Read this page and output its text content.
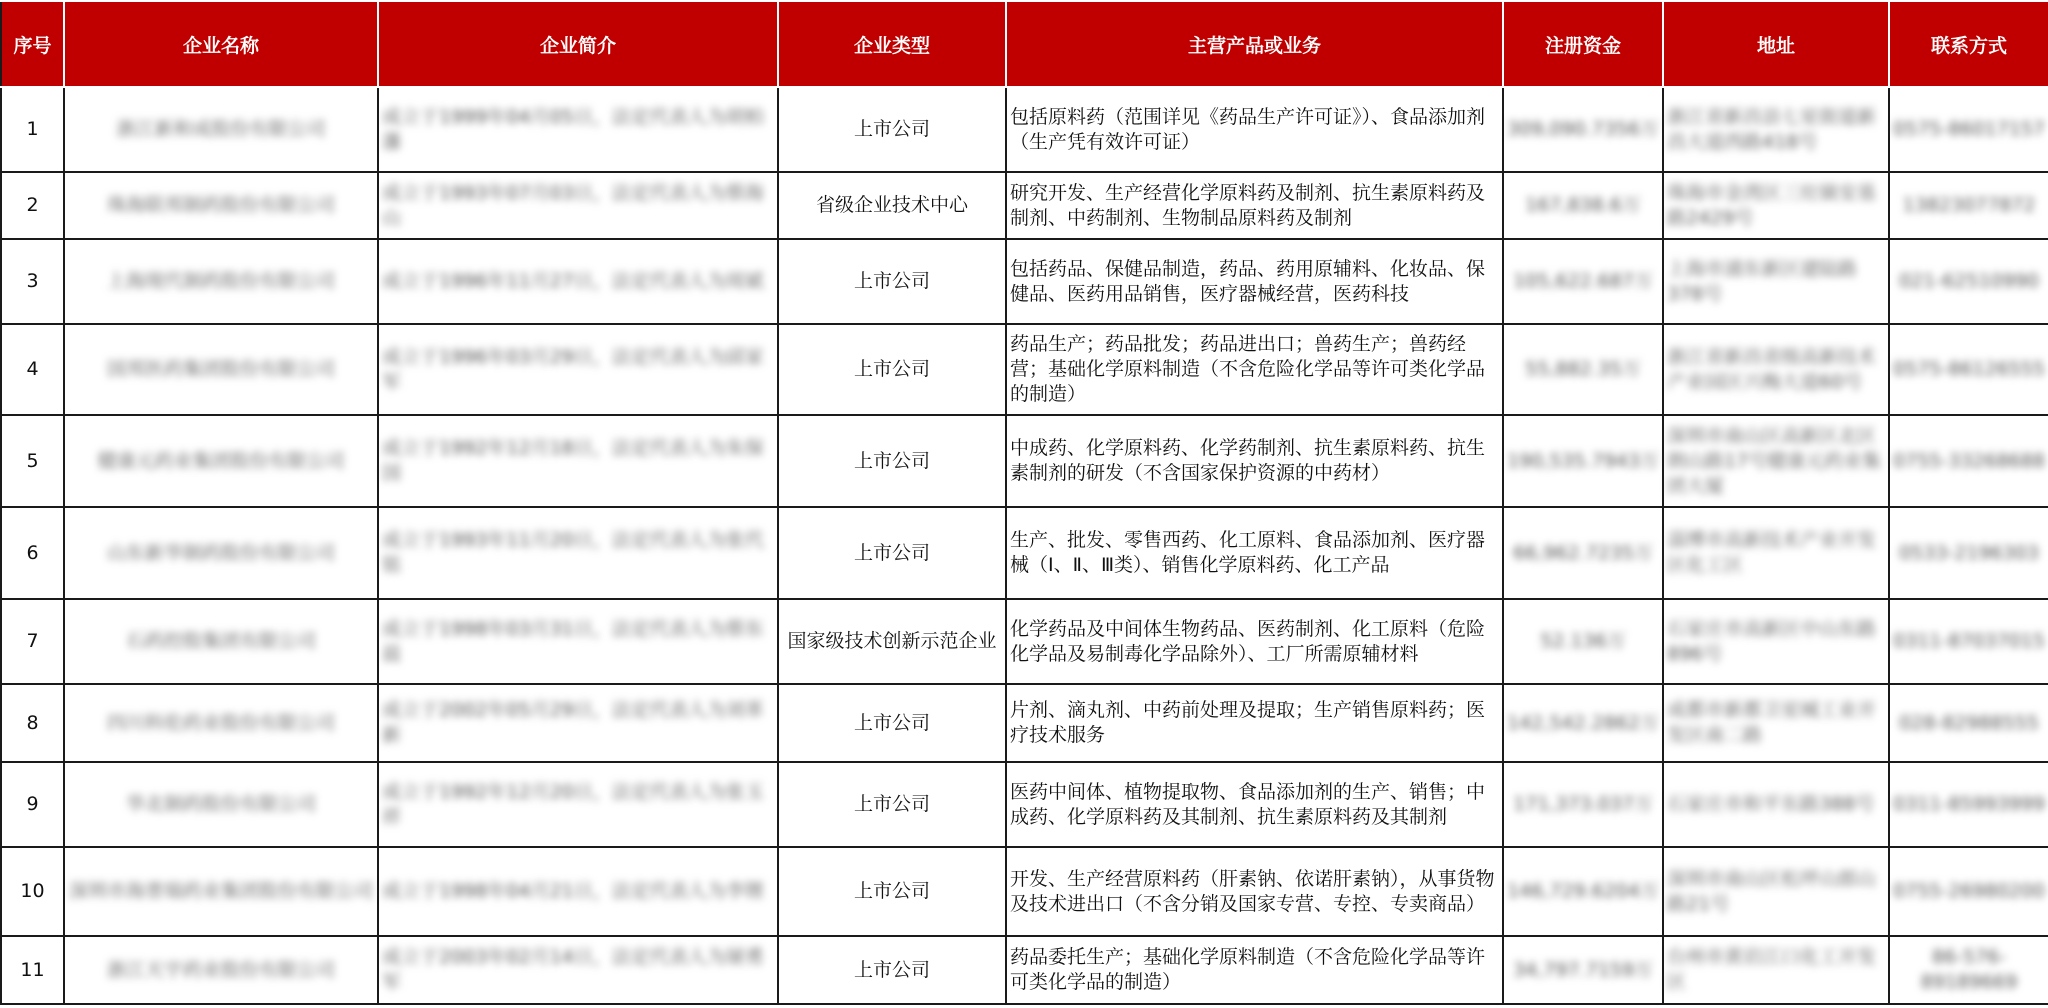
序号	企业名称	企业简介	企业类型	主营产品或业务	注册资金	地址	联系方式
1	浙江新和成股份有限公司	成立于1999年04月05日，法定代表人为胡柏藩	上市公司	包括原料药（范围详见《药品生产许可证》）、食品添加剂（生产凭有效许可证）	309,090.7356万	浙江省新昌县七星街道新昌大道西路418号	0575-86017157
2	珠海联邦制药股份有限公司	成立于1993年07月03日，法定代表人为蔡海山	省级企业技术中心	研究开发、生产经营化学原料药及制剂、抗生素原料药及制剂、中药制剂、生物制品原料药及制剂	167,838.6万	珠海市金湾区三灶镇安基路2429号	13823077872
3	上海现代制药股份有限公司	成立于1996年11月27日，法定代表人为周斌	上市公司	包括药品、保健品制造，药品、药用原辅料、化妆品、保健品、医药用品销售，医疗器械经营，医药科技	105,622.687万	上海市浦东新区建陆路378号	021-62510990
4	国邦医药集团股份有限公司	成立于1996年03月29日，法定代表人为邱家军	上市公司	药品生产；药品批发；药品进出口；兽药生产；兽药经营；基础化学原料制造（不含危险化学品等许可类化学品的制造）	55,882.35万	浙江省新昌省级高新技术产业园区兴梅大道60号	0575-86126555
5	健康元药业集团股份有限公司	成立于1992年12月18日，法定代表人为朱保国	上市公司	中成药、化学原料药、化学药制剂、抗生素原料药、抗生素制剂的研发（不含国家保护资源的中药材）	190,535.7943万	深圳市南山区高新区北区朗山路17号健康元药业集团大厦	0755-33268688
6	山东新华制药股份有限公司	成立于1993年11月20日，法定代表人为张代铭	上市公司	生产、批发、零售西药、化工原料、食品添加剂、医疗器械（Ⅰ、Ⅱ、Ⅲ类）、销售化学原料药、化工产品	66,962.7235万	淄博市高新技术产业开发区化工区	0533-2196303
7	石药控股集团有限公司	成立于1998年03月31日，法定代表人为蔡东晨	国家级技术创新示范企业	化学药品及中间体生物药品、医药制剂、化工原料（危险化学品及易制毒化学品除外）、工厂所需原辅材料	52.136万	石家庄市高新区中山东路896号	0311-87037015
8	四川科伦药业股份有限公司	成立于2002年05月29日，法定代表人为刘革新	上市公司	片剂、滴丸剂、中药前处理及提取；生产销售原料药；医疗技术服务	142,542.2862万	成都市新都卫星城工业开发区南二路	028-82988555
9	华北制药股份有限公司	成立于1992年12月20日，法定代表人为张玉祥	上市公司	医药中间体、植物提取物、食品添加剂的生产、销售；中成药、化学原料药及其制剂、抗生素原料药及其制剂	171,373.037万	石家庄市和平东路388号	0311-85993999
10	深圳市海普瑞药业集团股份有限公司	成立于1998年04月21日，法定代表人为李锂	上市公司	开发、生产经营原料药（肝素钠、依诺肝素钠），从事货物及技术进出口（不含分销及国家专营、专控、专卖商品）	146,729.6204万	深圳市南山区松坪山郎山路21号	0755-26980200
11	浙江天宇药业股份有限公司	成立于2003年02月14日，法定代表人为屠勇军	上市公司	药品委托生产；基础化学原料制造（不含危险化学品等许可类化学品的制造）	34,797.7159万	台州市黄岩江口化工开发区	86-576-89189669
